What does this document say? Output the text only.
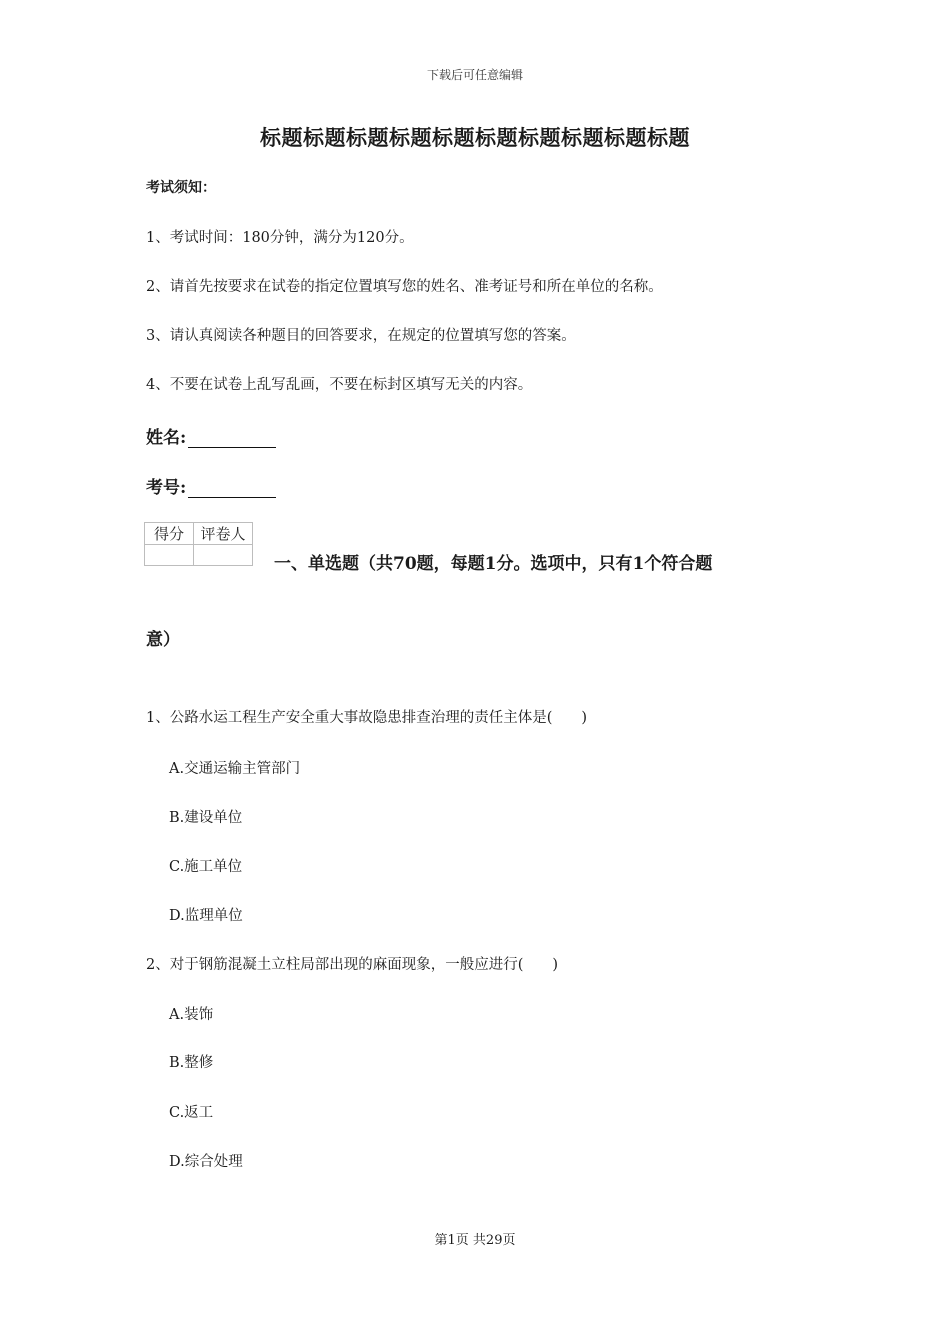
下载后可任意编辑
标题标题标题标题标题标题标题标题标题标题
考试须知：
1、考试时间：180分钟，满分为120分。
2、请首先按要求在试卷的指定位置填写您的姓名、准考证号和所在单位的名称。
3、请认真阅读各种题目的回答要求，在规定的位置填写您的答案。
4、不要在试卷上乱写乱画，不要在标封区填写无关的内容。
姓名:
考号:
得分	评卷人

一、单选题（共70题，每题1分。选项中，只有1个符合题
意）
1、公路水运工程生产安全重大事故隐患排查治理的责任主体是(　　)
A.交通运输主管部门
B.建设单位
C.施工单位
D.监理单位
2、对于钢筋混凝土立柱局部出现的麻面现象，一般应进行(　　)
A.装饰
B.整修
C.返工
D.综合处理
第1页 共29页
